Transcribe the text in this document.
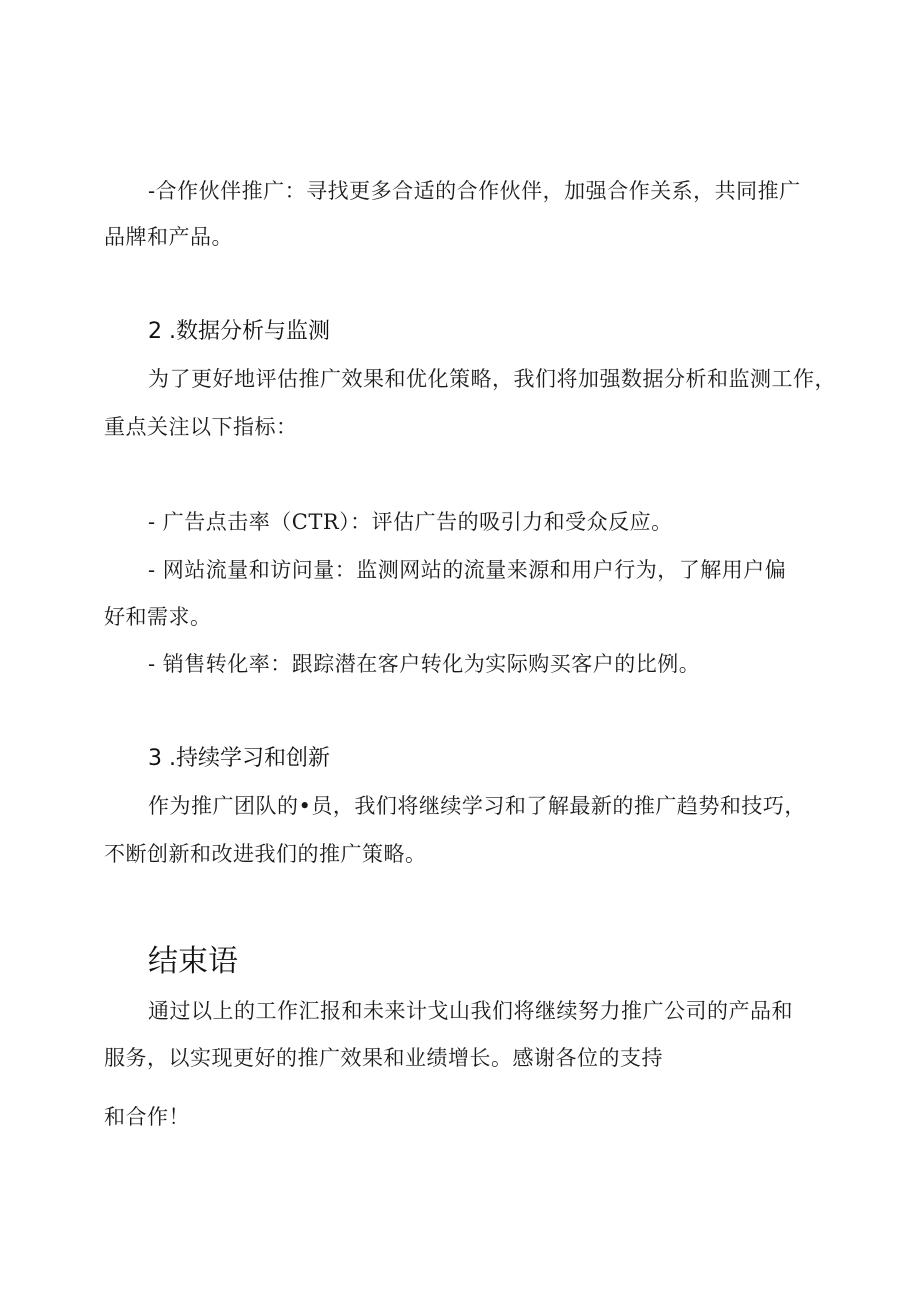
-合作伙伴推广：寻找更多合适的合作伙伴，加强合作关系，共同推广
品牌和产品。
2 .数据分析与监测
为了更好地评估推广效果和优化策略，我们将加强数据分析和监测工作，
重点关注以下指标：
- 广告点击率（CTR）：评估广告的吸引力和受众反应。
- 网站流量和访问量：监测网站的流量来源和用户行为，了解用户偏
好和需求。
- 销售转化率：跟踪潜在客户转化为实际购买客户的比例。
3 .持续学习和创新
作为推广团队的•员，我们将继续学习和了解最新的推广趋势和技巧，
不断创新和改进我们的推广策略。
结束语
通过以上的工作汇报和未来计戈山我们将继续努力推广公司的产品和
服务，以实现更好的推广效果和业绩增长。感谢各位的支持
和合作！
